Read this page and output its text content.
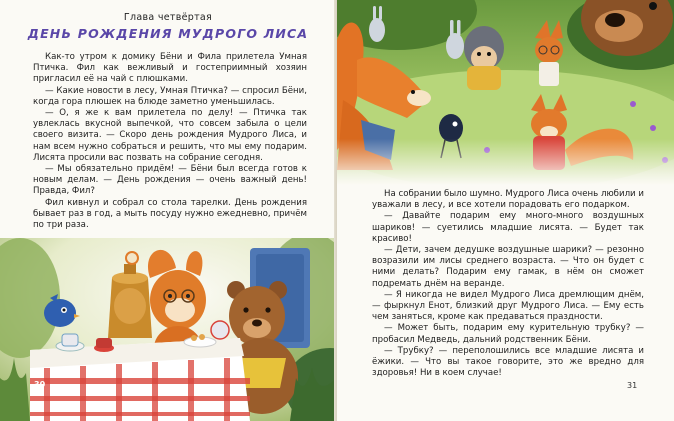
Глава четвёртая
ДЕНЬ РОЖДЕНИЯ МУДРОГО ЛИСА

Как-то утром к домику Бёни и Фила прилетела Умная Птичка. Фил как вежливый и гостеприимный хозяин пригласил её на чай с плюшками.

— Какие новости в лесу, Умная Птичка? — спросил Бёни, когда гора плюшек на блюде заметно уменьшилась.

— О, я же к вам прилетела по делу! — Птичка так увлеклась вкусной выпечкой, что совсем забыла о цели своего визита. — Скоро день рождения Мудрого Лиса, и нам всем нужно собраться и решить, что мы ему подарим. Лисята просили вас позвать на собрание сегодня.

— Мы обязательно придём! — Бёни был всегда готов к новым делам. — День рождения — очень важный день! Правда, Фил?

Фил кивнул и собрал со стола тарелки. День рождения бывает раз в год, а мыть посуду нужно ежедневно, причём по три раза.

30	31

На собрании было шумно. Мудрого Лиса очень любили и уважали в лесу, и все хотели порадовать его подарком.

— Давайте подарим ему много-много воздушных шариков! — суетились младшие лисята. — Будет так красиво!

— Дети, зачем дедушке воздушные шарики? — резонно возразили им лисы среднего возраста. — Что он будет с ними делать? Подарим ему гамак, в нём он сможет подремать днём на веранде.

— Я никогда не видел Мудрого Лиса дремлющим днём, — фыркнул Енот, близкий друг Мудрого Лиса. — Ему есть чем заняться, кроме как предаваться праздности.

— Может быть, подарим ему курительную трубку? — пробасил Медведь, дальний родственник Бёни.

— Трубку? — переполошились все младшие лисята и ёжики. — Что вы такое говорите, это же вредно для здоровья! Ни в коем случае!
